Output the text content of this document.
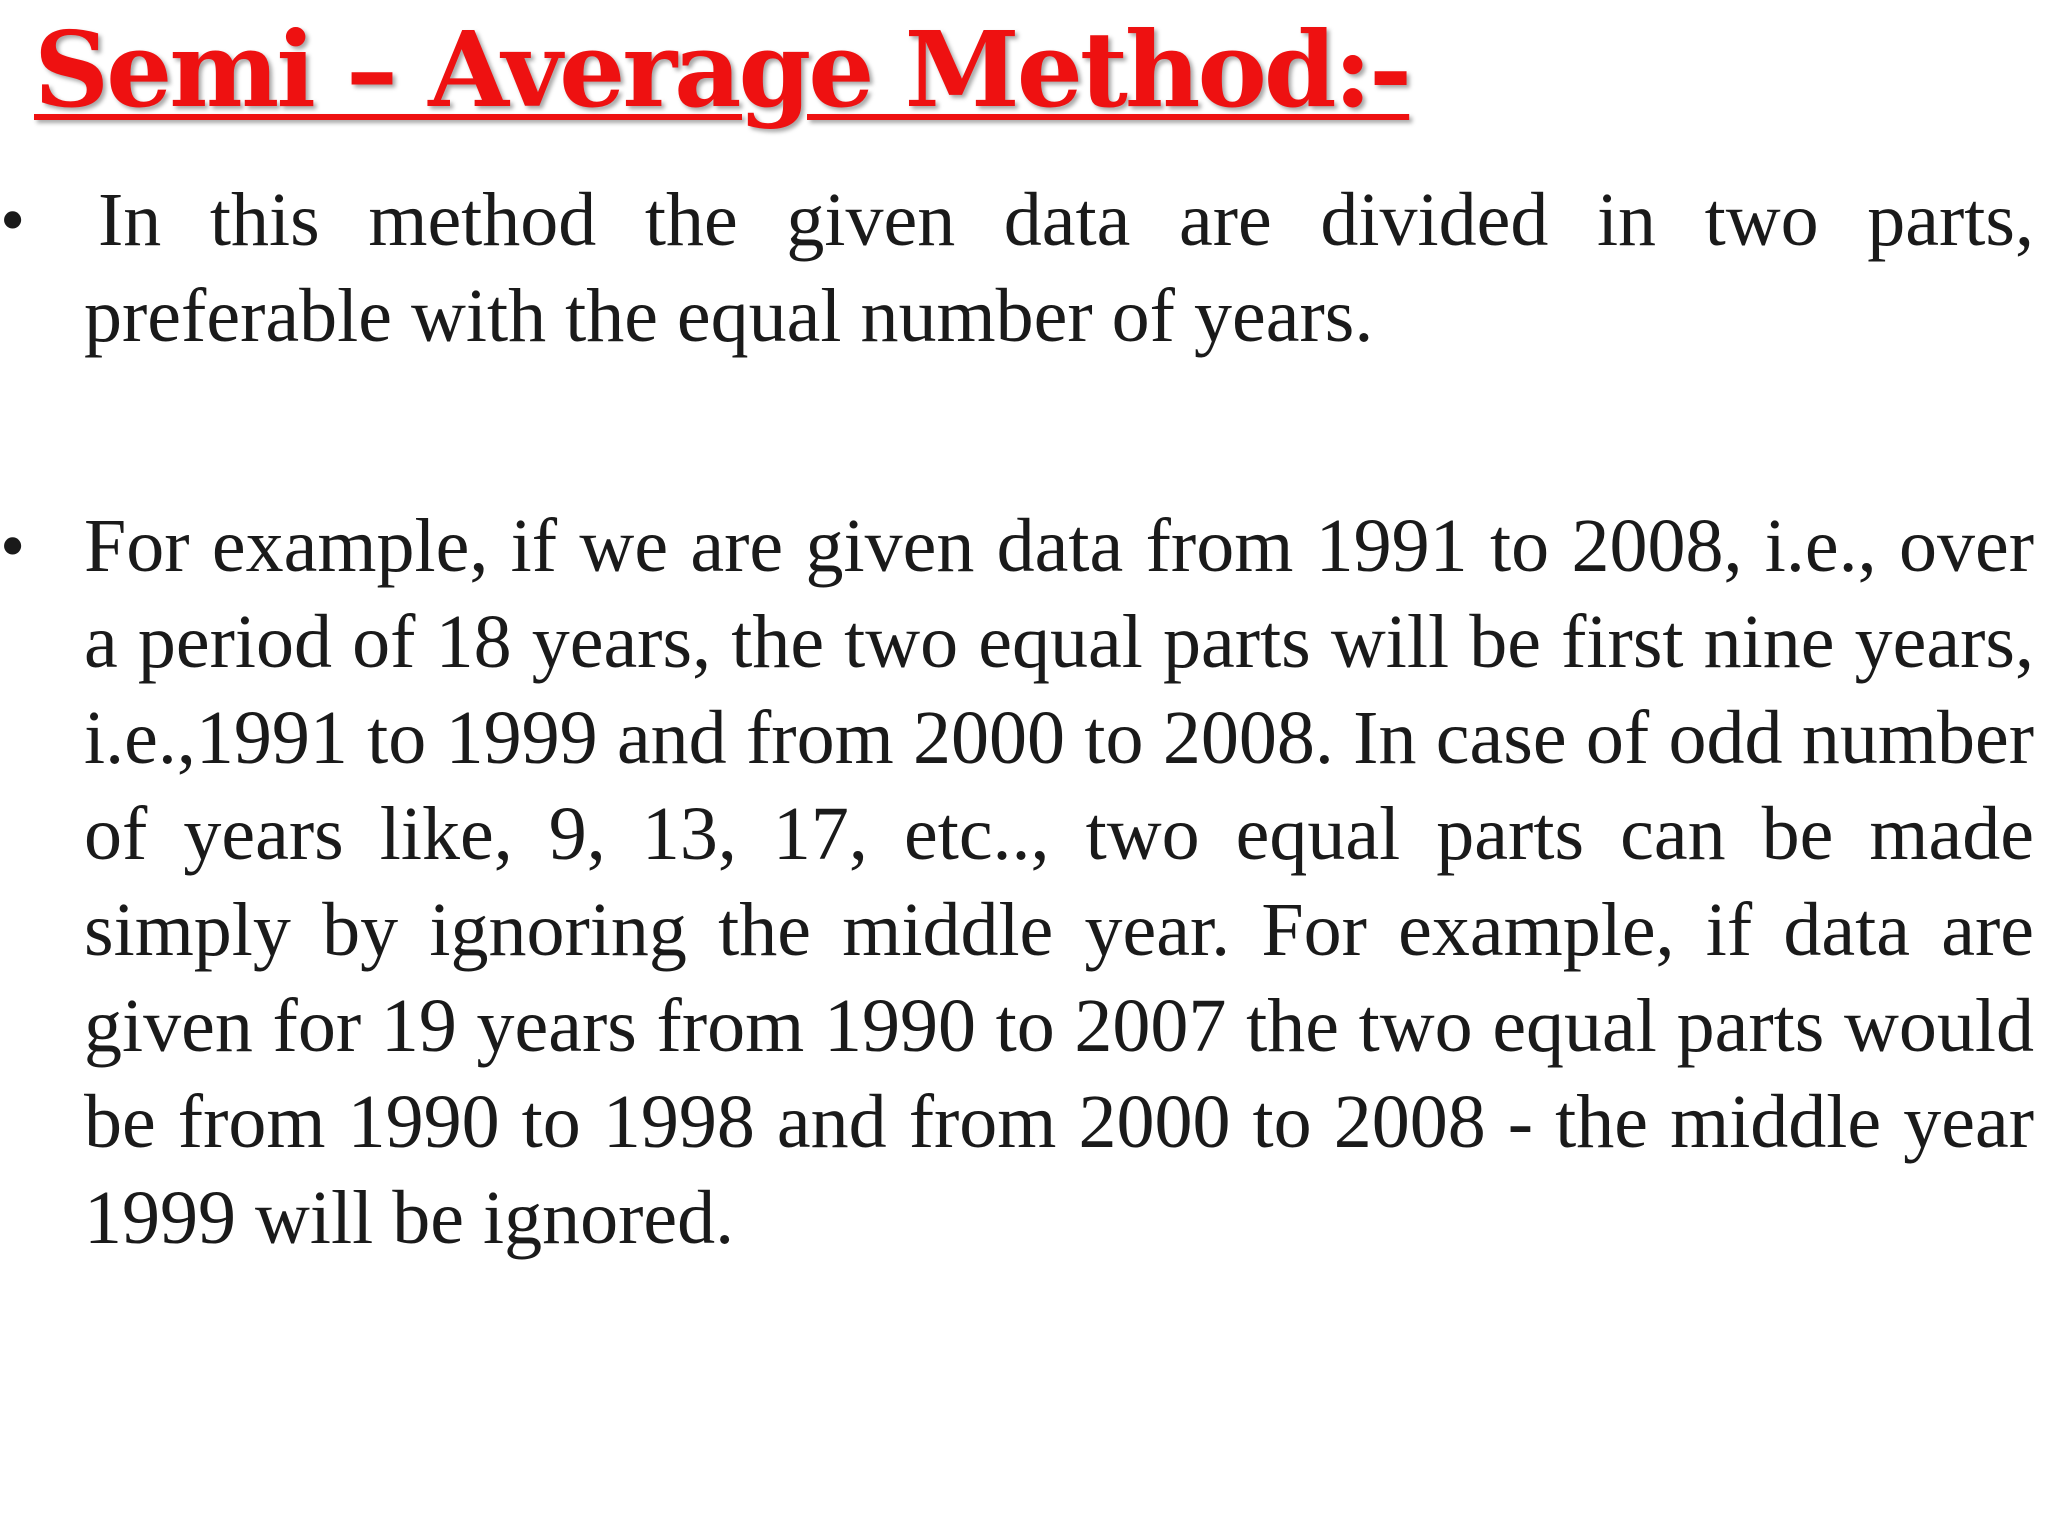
Semi – Average Method:-
• In this method the given data are divided in two parts, preferable with the equal number of years.

• For example, if we are given data from 1991 to 2008, i.e., over a period of 18 years, the two equal parts will be first nine years, i.e.,1991 to 1999 and from 2000 to 2008. In case of odd number of years like, 9, 13, 17, etc.., two equal parts can be made simply by ignoring the middle year. For example, if data are given for 19 years from 1990 to 2007 the two equal parts would be from 1990 to 1998 and from 2000 to 2008 - the middle year 1999 will be ignored.
